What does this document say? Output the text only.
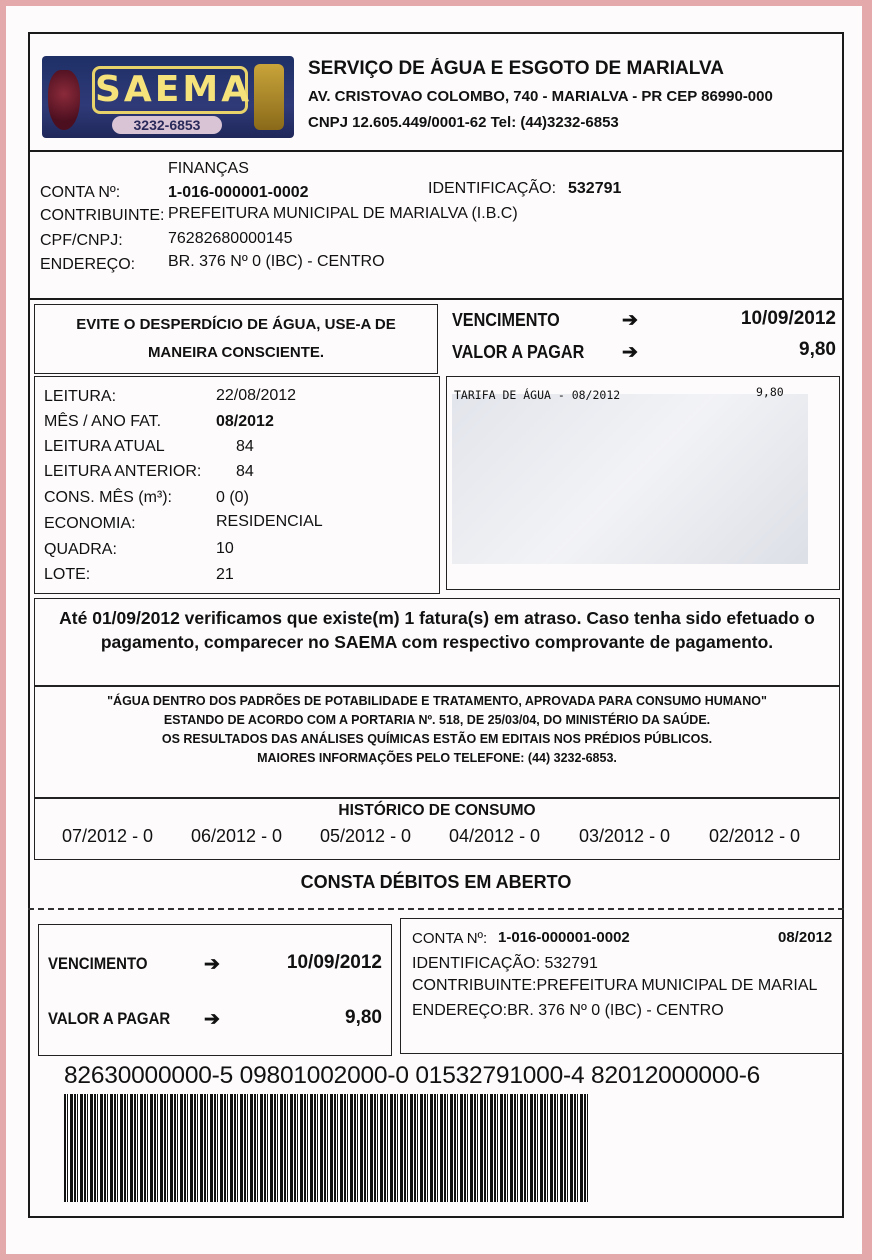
SAEMA
3232-6853
SERVIÇO DE ÁGUA E ESGOTO DE MARIALVA
AV. CRISTOVAO COLOMBO, 740 - MARIALVA - PR CEP 86990-000
CNPJ 12.605.449/0001-62 Tel: (44)3232-6853
FINANÇAS
CONTA Nº:	1-016-000001-0002	IDENTIFICAÇÃO: 532791
CONTRIBUINTE: PREFEITURA MUNICIPAL DE MARIALVA (I.B.C)
CPF/CNPJ:	76282680000145
ENDEREÇO: BR. 376 Nº 0 (IBC) - CENTRO
EVITE O DESPERDÍCIO DE ÁGUA, USE-A DE
MANEIRA CONSCIENTE.
VENCIMENTO	➔	10/09/2012
VALOR A PAGAR ➔	9,80
LEITURA:	22/08/2012
MÊS / ANO FAT.	08/2012
LEITURA ATUAL	84
LEITURA ANTERIOR: 84
CONS. MÊS (m³):	0 (0)
ECONOMIA:	RESIDENCIAL
QUADRA:	10
LOTE:	21
TARIFA DE ÁGUA - 08/2012	9,80
Até 01/09/2012 verificamos que existe(m) 1 fatura(s) em atraso. Caso tenha sido efetuado o pagamento, comparecer no SAEMA com respectivo comprovante de pagamento.
"ÁGUA DENTRO DOS PADRÕES DE POTABILIDADE E TRATAMENTO, APROVADA PARA CONSUMO HUMANO"
ESTANDO DE ACORDO COM A PORTARIA Nº. 518, DE 25/03/04, DO MINISTÉRIO DA SAÚDE.
OS RESULTADOS DAS ANÁLISES QUÍMICAS ESTÃO EM EDITAIS NOS PRÉDIOS PÚBLICOS.
MAIORES INFORMAÇÕES PELO TELEFONE: (44) 3232-6853.
HISTÓRICO DE CONSUMO
07/2012 - 0 06/2012 - 0 05/2012 - 0 04/2012 - 0 03/2012 - 0 02/2012 - 0
CONSTA DÉBITOS EM ABERTO
VENCIMENTO	➔	10/09/2012
VALOR A PAGAR ➔	9,80
CONTA Nº: 1-016-000001-0002	08/2012
IDENTIFICAÇÃO: 532791
CONTRIBUINTE:PREFEITURA MUNICIPAL DE MARIAL
ENDEREÇO:BR. 376 Nº 0 (IBC) - CENTRO
82630000000-5 09801002000-0 01532791000-4 82012000000-6
